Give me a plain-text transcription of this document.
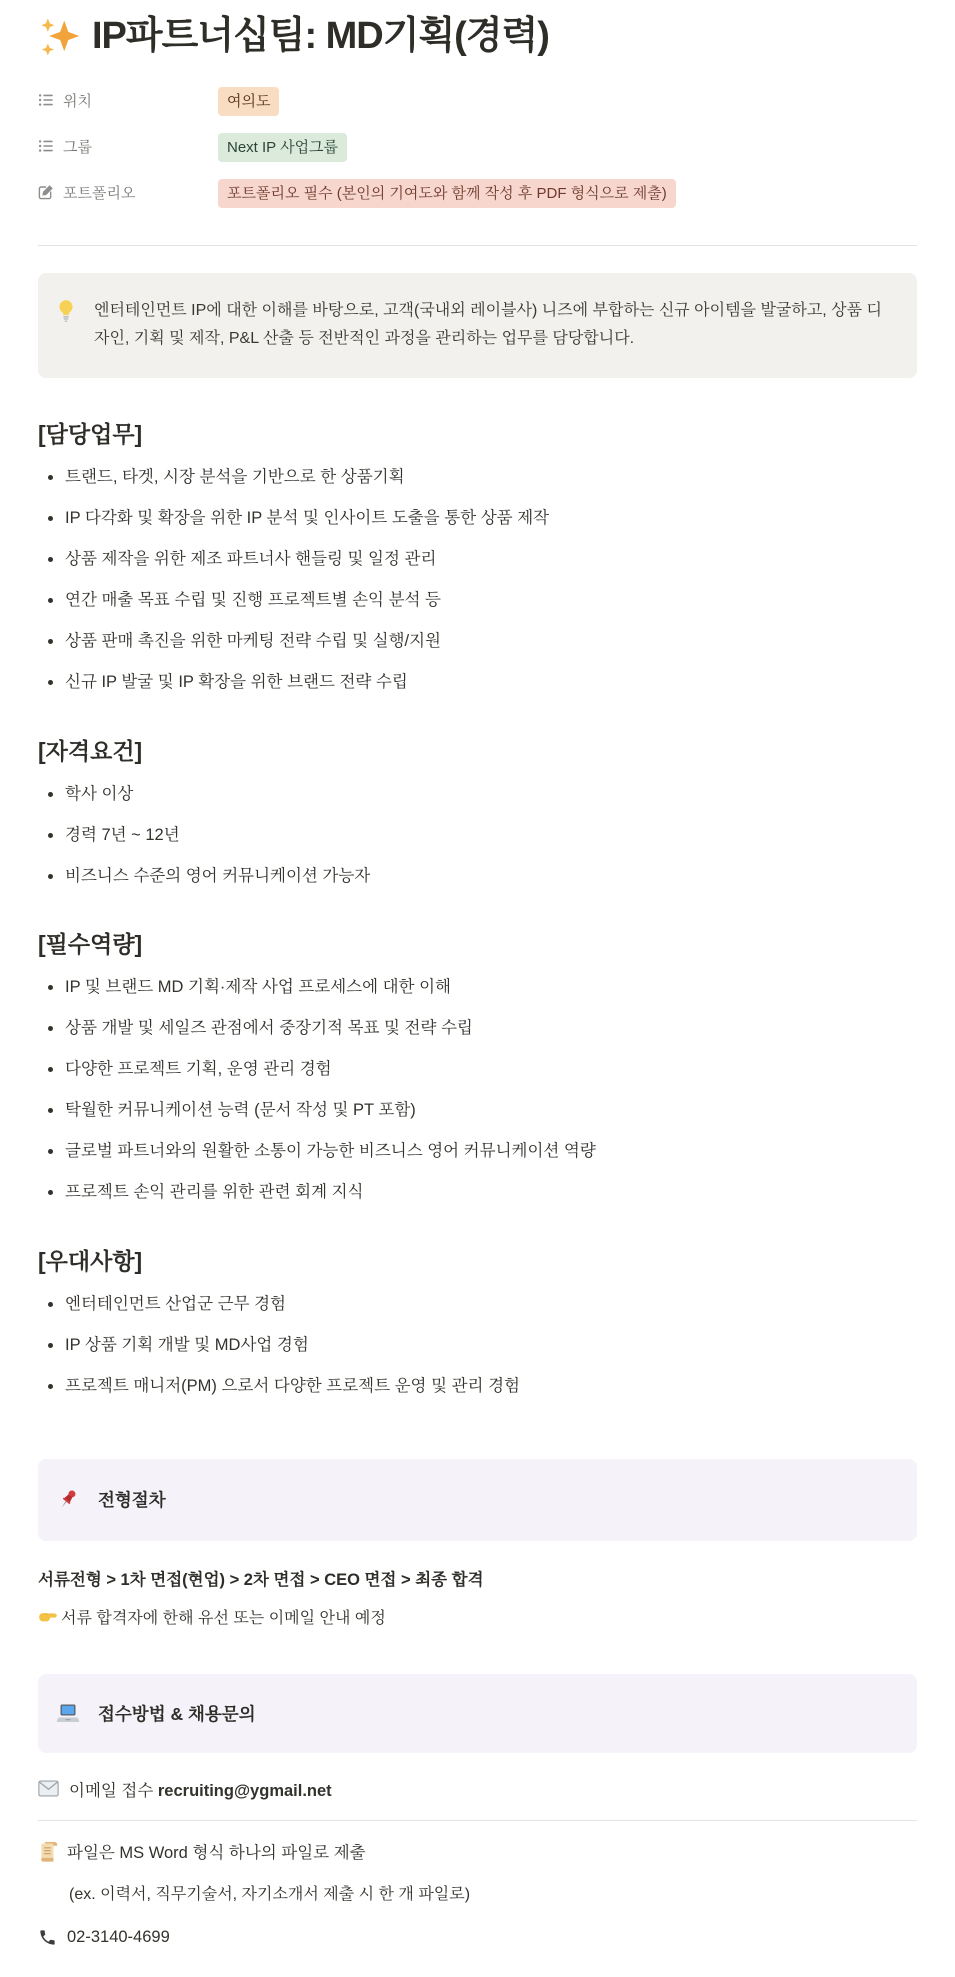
IP파트너십팀: MD기획(경력)
위치	여의도
그룹	Next IP 사업그룹
포트폴리오	포트폴리오 필수 (본인의 기여도와 함께 작성 후 PDF 형식으로 제출)
엔터테인먼트 IP에 대한 이해를 바탕으로, 고객(국내외 레이블사) 니즈에 부합하는 신규 아이템을 발굴하고, 상품 디자인, 기획 및 제작, P&L 산출 등 전반적인 과정을 관리하는 업무를 담당합니다.
[담당업무]
트랜드, 타겟, 시장 분석을 기반으로 한 상품기획
IP 다각화 및 확장을 위한 IP 분석 및 인사이트 도출을 통한 상품 제작
상품 제작을 위한 제조 파트너사 핸들링 및 일정 관리
연간 매출 목표 수립 및 진행 프로젝트별 손익 분석 등
상품 판매 촉진을 위한 마케팅 전략 수립 및 실행/지원
신규 IP 발굴 및 IP 확장을 위한 브랜드 전략 수립
[자격요건]
학사 이상
경력 7년 ~ 12년
비즈니스 수준의 영어 커뮤니케이션 가능자
[필수역량]
IP 및 브랜드 MD 기획·제작 사업 프로세스에 대한 이해
상품 개발 및 세일즈 관점에서 중장기적 목표 및 전략 수립
다양한 프로젝트 기획, 운영 관리 경험
탁월한 커뮤니케이션 능력 (문서 작성 및 PT 포함)
글로벌 파트너와의 원활한 소통이 가능한 비즈니스 영어 커뮤니케이션 역량
프로젝트 손익 관리를 위한 관련 회계 지식
[우대사항]
엔터테인먼트 산업군 근무 경험
IP 상품 기획 개발 및 MD사업 경험
프로젝트 매니저(PM) 으로서 다양한 프로젝트 운영 및 관리 경험
전형절차
서류전형 > 1차 면접(현업) > 2차 면접 > CEO 면접 > 최종 합격
서류 합격자에 한해 유선 또는 이메일 안내 예정
접수방법 & 채용문의
이메일 접수 recruiting@ygmail.net
파일은 MS Word 형식 하나의 파일로 제출
(ex. 이력서, 직무기술서, 자기소개서 제출 시 한 개 파일로)
02-3140-4699
